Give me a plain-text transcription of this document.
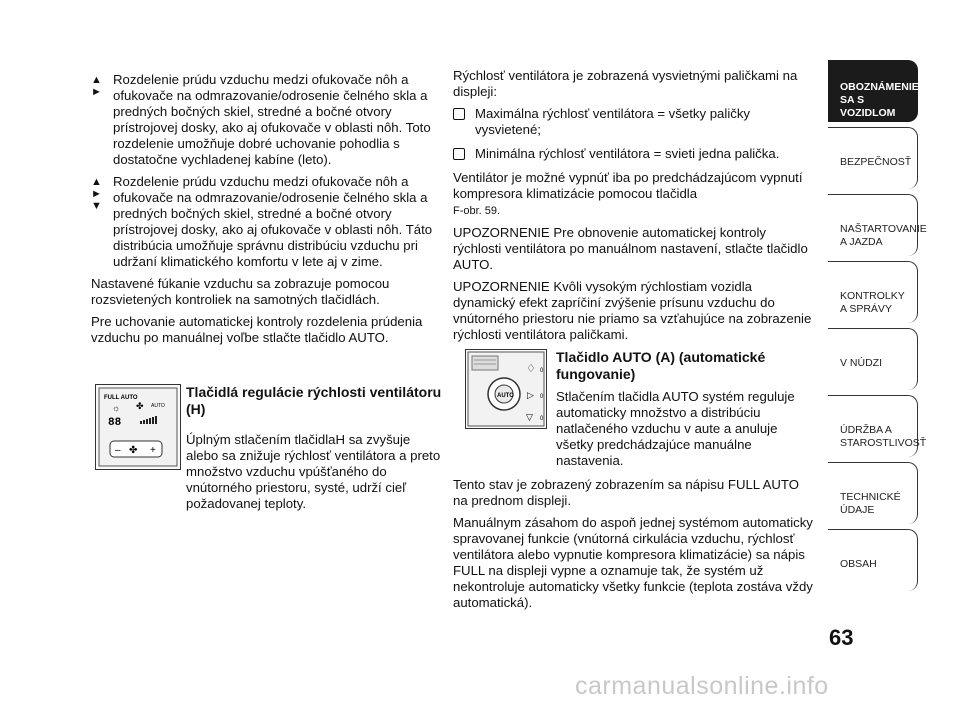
▲
►
Rozdelenie prúdu vzduchu medzi ofukovače nôh a ofukovače na odmrazovanie/odrosenie čelného skla a predných bočných skiel, stredné a bočné otvory prístrojovej dosky, ako aj ofukovače v oblasti nôh. Toto rozdelenie umožňuje dobré uchovanie pohodlia s dostatočne vychladenej kabíne (leto).
▲
►
▼
Rozdelenie prúdu vzduchu medzi ofukovače nôh a ofukovače na odmrazovanie/odrosenie čelného skla a predných bočných skiel, stredné a bočné otvory prístrojovej dosky, ako aj ofukovače v oblasti nôh. Táto distribúcia umožňuje správnu distribúciu vzduchu pri udržaní klimatického komfortu v lete aj v zime.

Nastavené fúkanie vzduchu sa zobrazuje pomocou rozsvietených kontroliek na samotných tlačidlách.

Pre uchovanie automatickej kontroly rozdelenia prúdenia vzduchu po manuálnej voľbe stlačte tlačidlo AUTO.

FULL AUTO
☼	AUTO
✤
88
– ✤ +

Tlačidlá regulácie rýchlosti ventilátoru (H)

Úplným stlačením tlačidlaH sa zvyšuje alebo sa znižuje rýchlosť ventilátora a preto množstvo vzduchu vpúšťaného do vnútorného priestoru, systé, udrží cieľ požadovanej teploty.

Rýchlosť ventilátora je zobrazená vysvietnými paličkami na displeji:

Maximálna rýchlosť ventilátora = všetky paličky vysvietené;
Minimálna rýchlosť ventilátora = svieti jedna palička.

Ventilátor je možné vypnúť iba po predchádzajúcom vypnutí kompresora klimatizácie pomocou tlačidla
F-obr. 59.

UPOZORNENIE Pre obnovenie automatickej kontroly rýchlosti ventilátora po manuálnom nastavení, stlačte tlačidlo AUTO.

UPOZORNENIE Kvôli vysokým rýchlostiam vozidla dynamický efekt zapríčiní zvýšenie prísunu vzduchu do vnútorného priestoru nie priamo sa vzťahujúce na zobrazenie rýchlosti ventilátora paličkami.

AUTO
♢
▷
▽
0
0
0

Tlačidlo AUTO (A) (automatické fungovanie)

Stlačením tlačidla AUTO systém reguluje automaticky množstvo a distribúciu natlačeného vzduchu v aute a anuluje všetky predchádzajúce manuálne nastavenia.

Tento stav je zobrazený zobrazením sa nápisu FULL AUTO na prednom displeji.

Manuálnym zásahom do aspoň jednej systémom automaticky spravovanej funkcie (vnútorná cirkulácia vzduchu, rýchlosť ventilátora alebo vypnutie kompresora klimatizácie) sa nápis FULL na displeji vypne a oznamuje tak, že systém už nekontroluje automaticky všetky funkcie (teplota zostáva vždy automatická).

OBOZNÁMENIE
SA S VOZIDLOM
BEZPEČNOSŤ
NAŠTARTOVANIE
A JAZDA
KONTROLKY
A SPRÁVY
V NÚDZI
ÚDRŽBA A
STAROSTLIVOSŤ
TECHNICKÉ
ÚDAJE
OBSAH
63
carmanualsonline.info
